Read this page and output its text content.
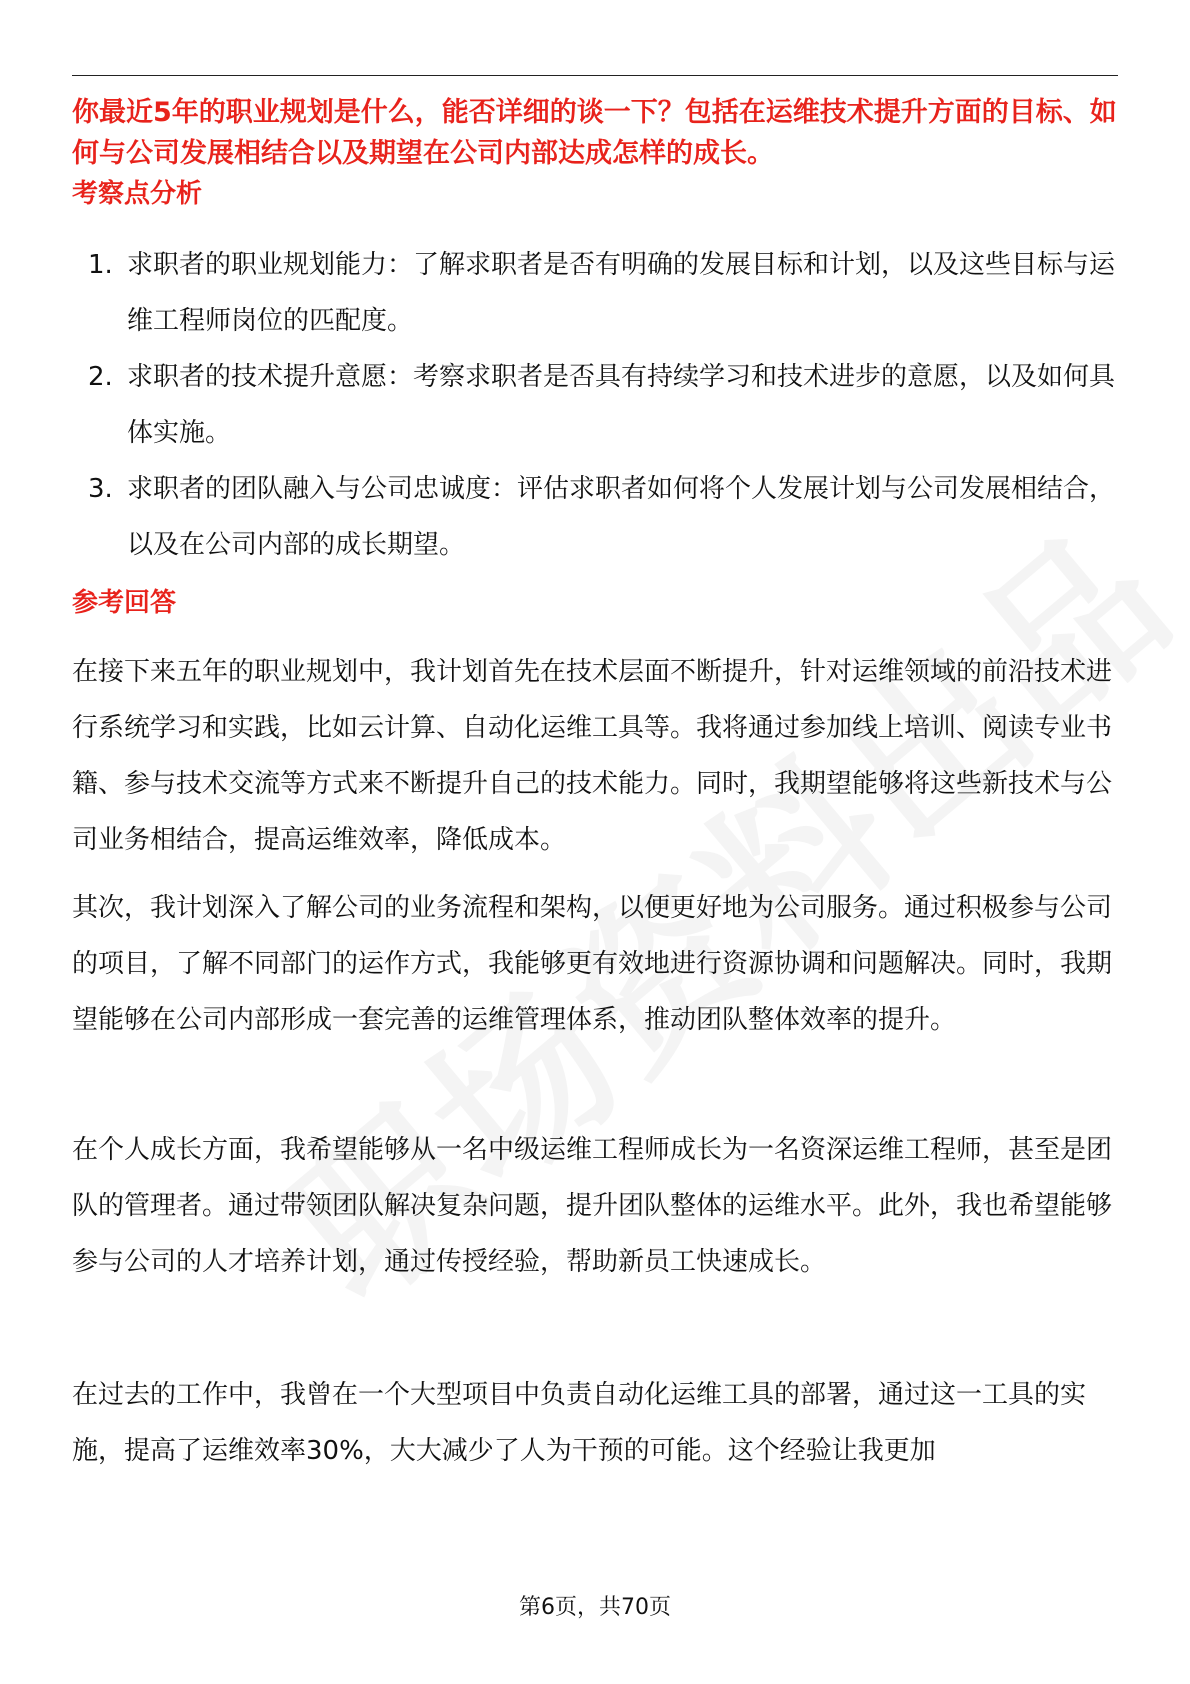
你最近5年的职业规划是什么，能否详细的谈一下？包括在运维技术提升方面的目标、如何与公司发展相结合以及期望在公司内部达成怎样的成长。

考察点分析
1. 求职者的职业规划能力：了解求职者是否有明确的发展目标和计划，以及这些目标与运维工程师岗位的匹配度。
2. 求职者的技术提升意愿：考察求职者是否具有持续学习和技术进步的意愿，以及如何具体实施。
3. 求职者的团队融入与公司忠诚度：评估求职者如何将个人发展计划与公司发展相结合，以及在公司内部的成长期望。
参考回答

在接下来五年的职业规划中，我计划首先在技术层面不断提升，针对运维领域的前沿技术进行系统学习和实践，比如云计算、自动化运维工具等。我将通过参加线上培训、阅读专业书籍、参与技术交流等方式来不断提升自己的技术能力。同时，我期望能够将这些新技术与公司业务相结合，提高运维效率，降低成本。

其次，我计划深入了解公司的业务流程和架构，以便更好地为公司服务。通过积极参与公司的项目，了解不同部门的运作方式，我能够更有效地进行资源协调和问题解决。同时，我期望能够在公司内部形成一套完善的运维管理体系，推动团队整体效率的提升。

在个人成长方面，我希望能够从一名中级运维工程师成长为一名资深运维工程师，甚至是团队的管理者。通过带领团队解决复杂问题，提升团队整体的运维水平。此外，我也希望能够参与公司的人才培养计划，通过传授经验，帮助新员工快速成长。

在过去的工作中，我曾在一个大型项目中负责自动化运维工具的部署，通过这一工具的实施，提高了运维效率30%，大大减少了人为干预的可能。这个经验让我更加

第6页，共70页
